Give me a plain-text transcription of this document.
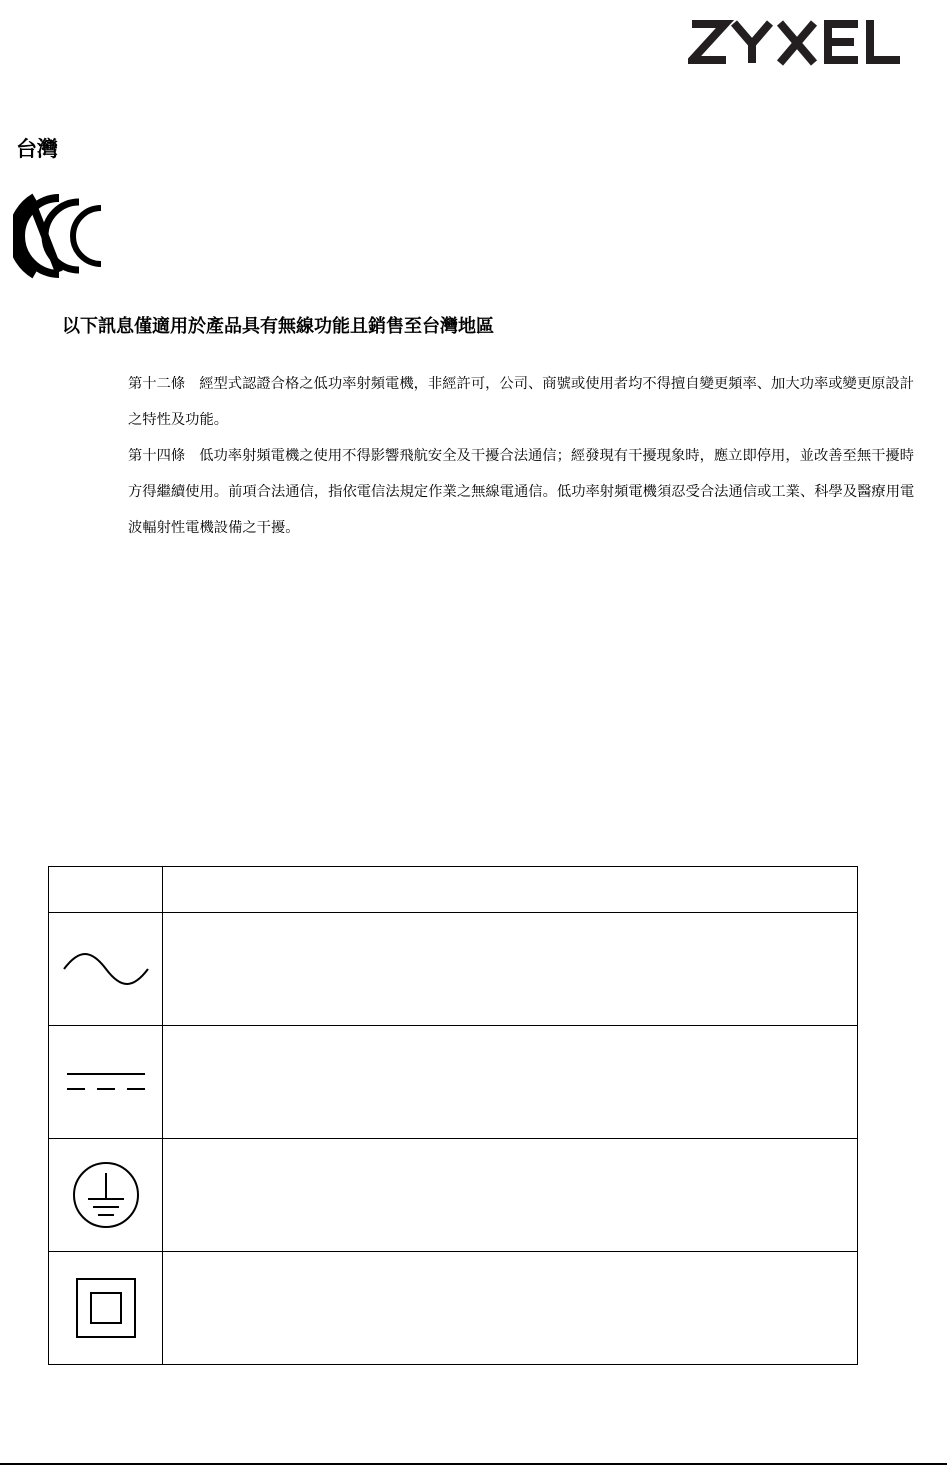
台灣
以下訊息僅適用於產品具有無線功能且銷售至台灣地區

第十二條 經型式認證合格之低功率射頻電機，非經許可，公司、商號或使用者均不得擅自變更頻率、加大功率或變更原設計之特性及功能。

第十四條 低功率射頻電機之使用不得影響飛航安全及干擾合法通信；經發現有干擾現象時，應立即停用，並改善至無干擾時方得繼續使用。前項合法通信，指依電信法規定作業之無線電通信。低功率射頻電機須忍受合法通信或工業、科學及醫療用電波輻射性電機設備之干擾。
